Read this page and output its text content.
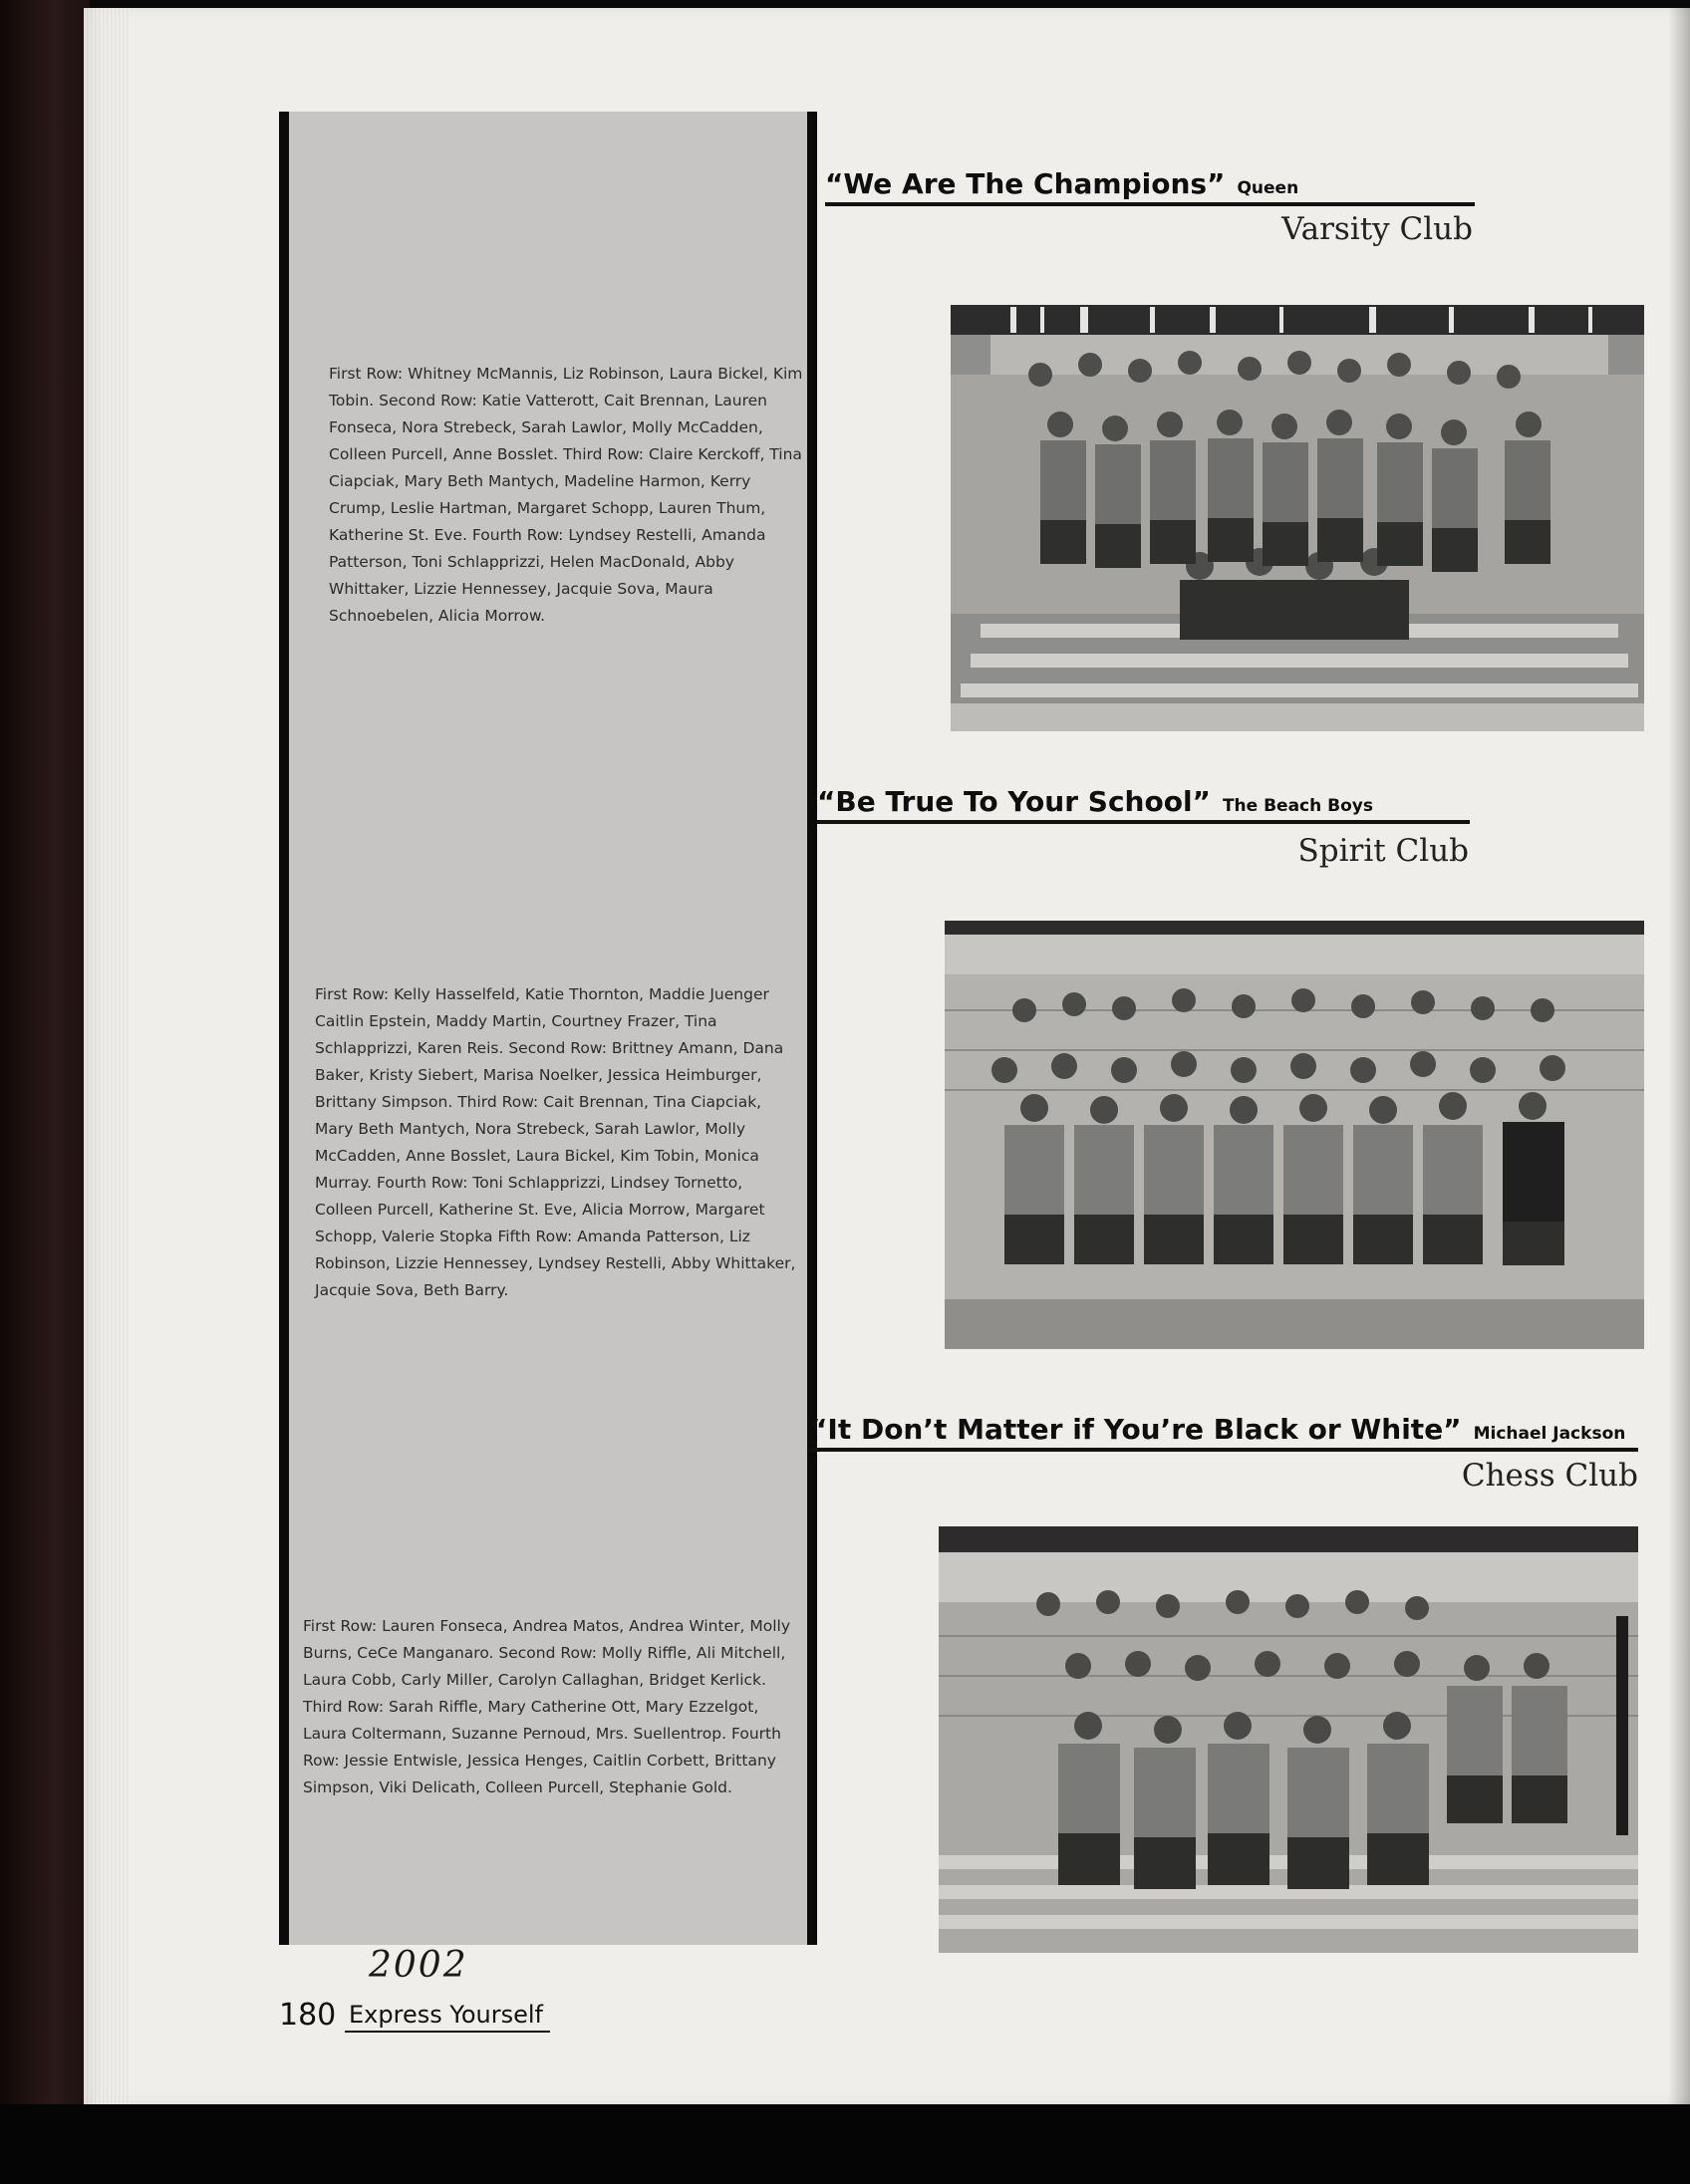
First Row: Whitney McMannis, Liz Robinson, Laura Bickel, Kim Tobin. Second Row: Katie Vatterott, Cait Brennan, Lauren Fonseca, Nora Strebeck, Sarah Lawlor, Molly McCadden, Colleen Purcell, Anne Bosslet. Third Row: Claire Kerckoff, Tina Ciapciak, Mary Beth Mantych, Madeline Harmon, Kerry Crump, Leslie Hartman, Margaret Schopp, Lauren Thum, Katherine St. Eve. Fourth Row: Lyndsey Restelli, Amanda Patterson, Toni Schlapprizzi, Helen MacDonald, Abby Whittaker, Lizzie Hennessey, Jacquie Sova, Maura Schnoebelen, Alicia Morrow.
First Row: Kelly Hasselfeld, Katie Thornton, Maddie Juenger Caitlin Epstein, Maddy Martin, Courtney Frazer, Tina Schlapprizzi, Karen Reis. Second Row: Brittney Amann, Dana Baker, Kristy Siebert, Marisa Noelker, Jessica Heimburger, Brittany Simpson. Third Row: Cait Brennan, Tina Ciapciak, Mary Beth Mantych, Nora Strebeck, Sarah Lawlor, Molly McCadden, Anne Bosslet, Laura Bickel, Kim Tobin, Monica Murray. Fourth Row: Toni Schlapprizzi, Lindsey Tornetto, Colleen Purcell, Katherine St. Eve, Alicia Morrow, Margaret Schopp, Valerie Stopka Fifth Row: Amanda Patterson, Liz Robinson, Lizzie Hennessey, Lyndsey Restelli, Abby Whittaker, Jacquie Sova, Beth Barry.
First Row: Lauren Fonseca, Andrea Matos, Andrea Winter, Molly Burns, CeCe Manganaro. Second Row: Molly Riffle, Ali Mitchell, Laura Cobb, Carly Miller, Carolyn Callaghan, Bridget Kerlick. Third Row: Sarah Riffle, Mary Catherine Ott, Mary Ezzelgot, Laura Coltermann, Suzanne Pernoud, Mrs. Suellentrop. Fourth Row: Jessie Entwisle, Jessica Henges, Caitlin Corbett, Brittany Simpson, Viki Delicath, Colleen Purcell, Stephanie Gold.
“We Are The Champions” Queen
Varsity Club
“Be True To Your School” The Beach Boys
Spirit Club
“It Don’t Matter if You’re Black or White” Michael Jackson
Chess Club
2002
180 Express Yourself
